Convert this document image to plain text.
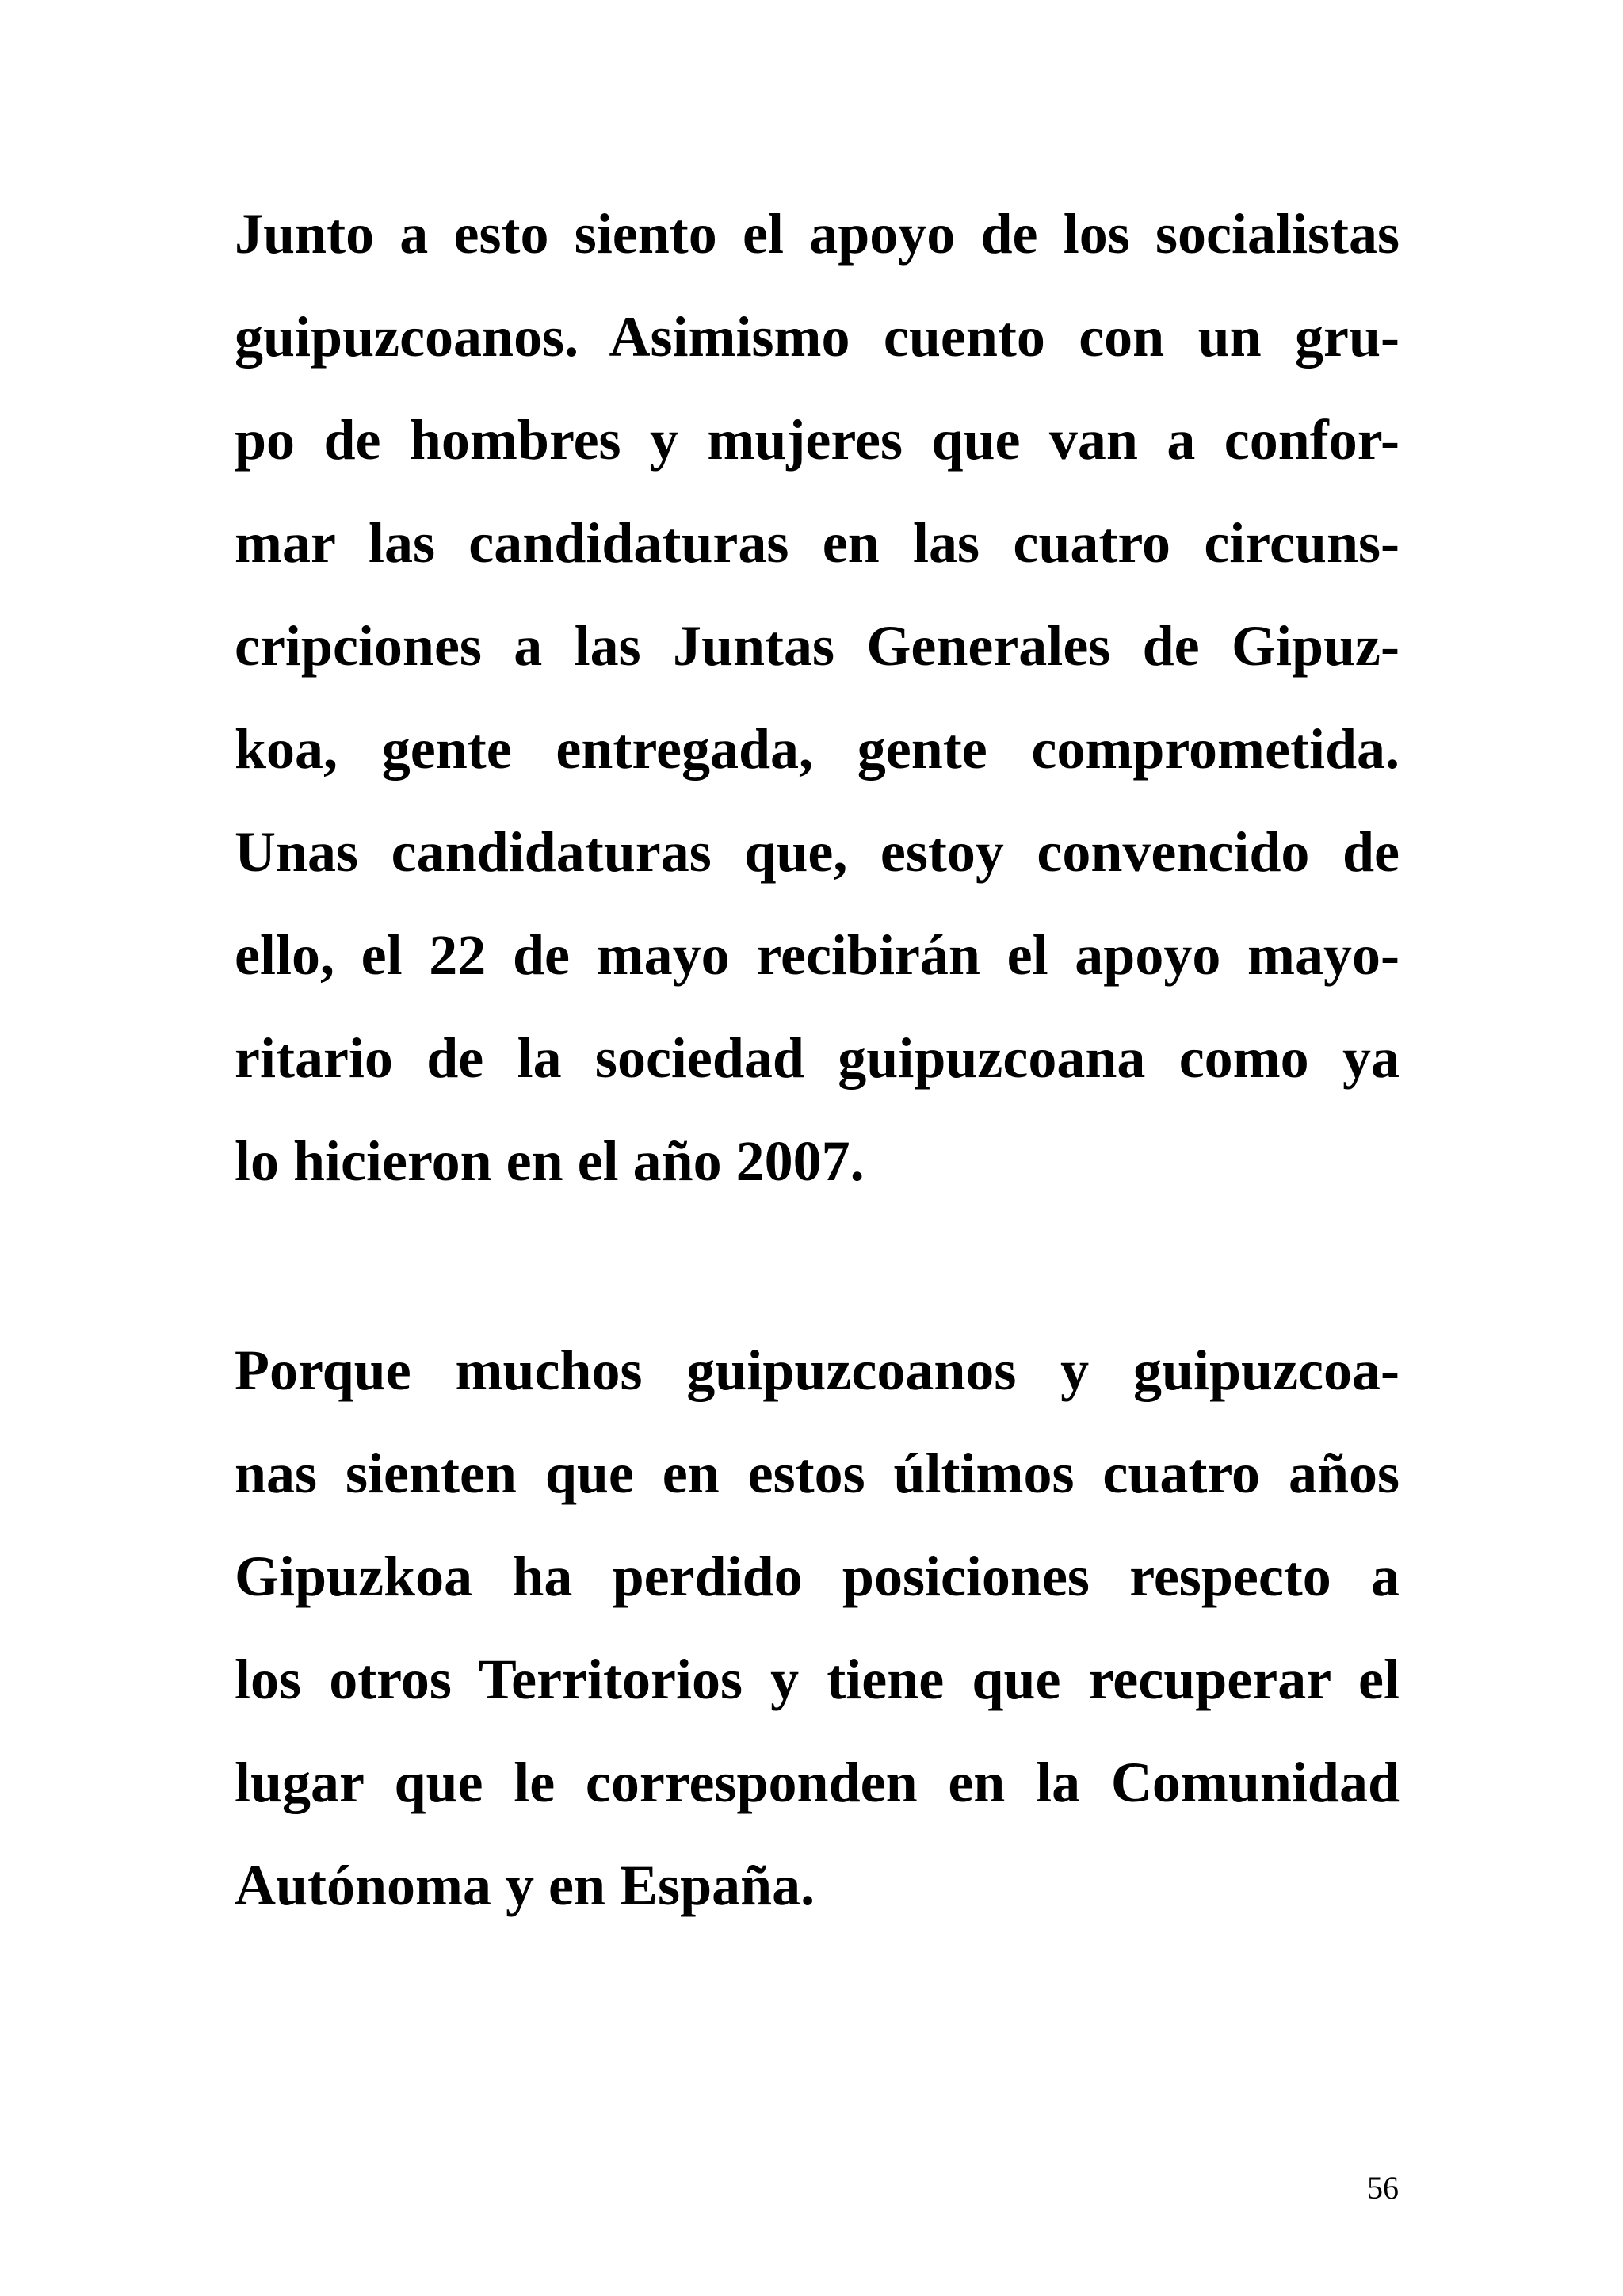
Junto a esto siento el apoyo de los socialistas
guipuzcoanos. Asimismo cuento con un gru-
po de hombres y mujeres que van a confor-
mar las candidaturas en las cuatro circuns-
cripciones a las Juntas Generales de Gipuz-
koa, gente entregada, gente comprometida.
Unas candidaturas que, estoy convencido de
ello, el 22 de mayo recibirán el apoyo mayo-
ritario de la sociedad guipuzcoana como ya
lo hicieron en el año 2007.
Porque muchos guipuzcoanos y guipuzcoa-
nas sienten que en estos últimos cuatro años
Gipuzkoa ha perdido posiciones respecto a
los otros Territorios y tiene que recuperar el
lugar que le corresponden en la Comunidad
Autónoma y en España.
56
